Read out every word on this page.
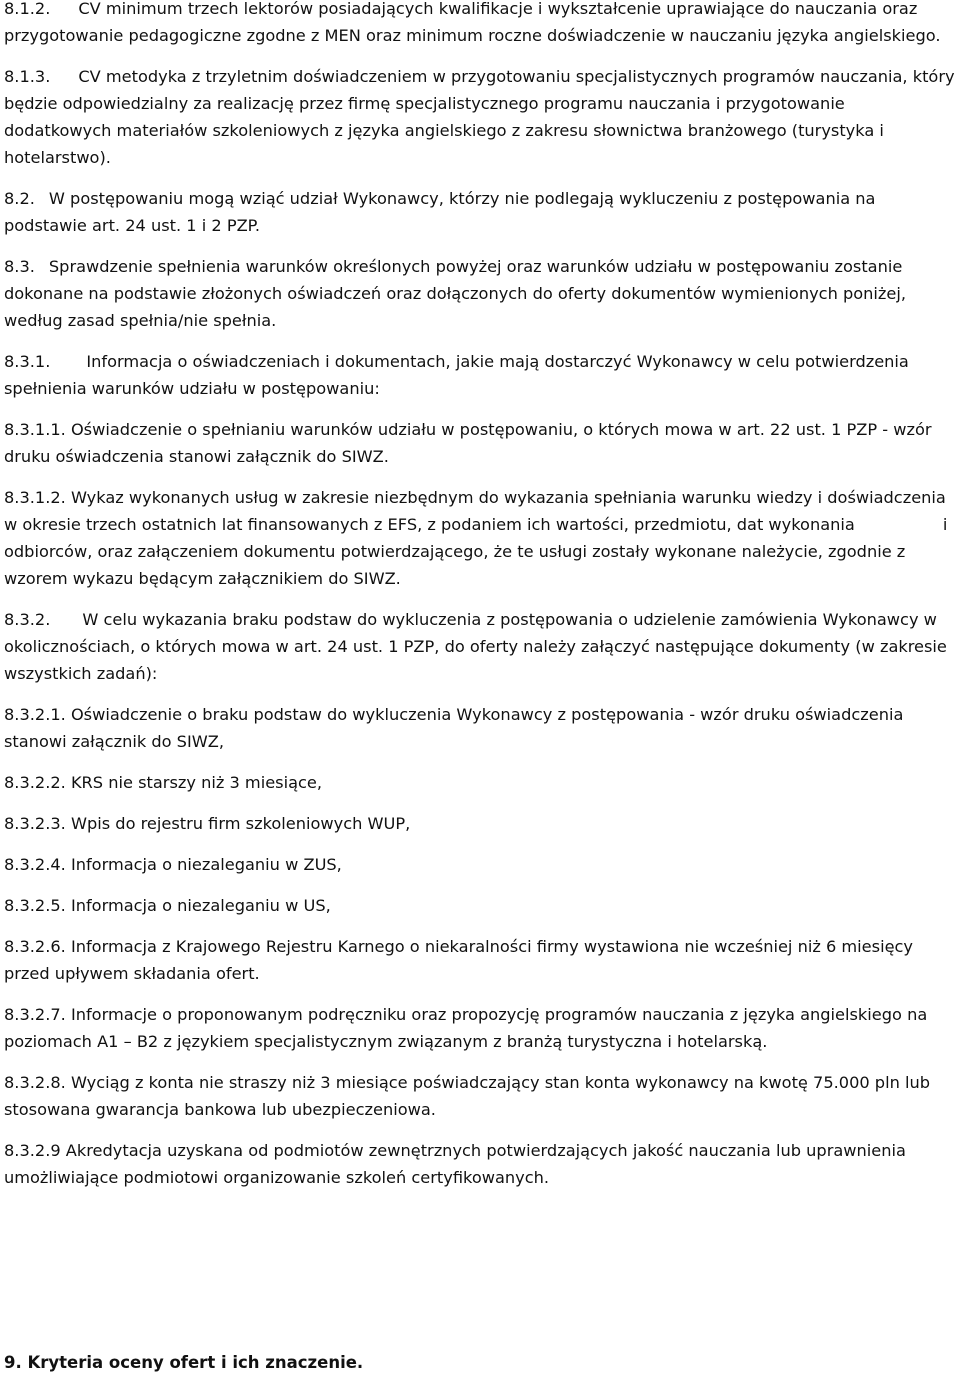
8.1.2. CV minimum trzech lektorów posiadających kwalifikacje i wykształcenie uprawiające do nauczania oraz przygotowanie pedagogiczne zgodne z MEN oraz minimum roczne doświadczenie w nauczaniu języka angielskiego.

8.1.3. CV metodyka z trzyletnim doświadczeniem w przygotowaniu specjalistycznych programów nauczania, który będzie odpowiedzialny za realizację przez firmę specjalistycznego programu nauczania i przygotowanie dodatkowych materiałów szkoleniowych z języka angielskiego z zakresu słownictwa branżowego (turystyka i hotelarstwo).

8.2. W postępowaniu mogą wziąć udział Wykonawcy, którzy nie podlegają wykluczeniu z postępowania na podstawie art. 24 ust. 1 i 2 PZP.

8.3. Sprawdzenie spełnienia warunków określonych powyżej oraz warunków udziału w postępowaniu zostanie dokonane na podstawie złożonych oświadczeń oraz dołączonych do oferty dokumentów wymienionych poniżej, według zasad spełnia/nie spełnia.

8.3.1. Informacja o oświadczeniach i dokumentach, jakie mają dostarczyć Wykonawcy w celu potwierdzenia spełnienia warunków udziału w postępowaniu:

8.3.1.1. Oświadczenie o spełnianiu warunków udziału w postępowaniu, o których mowa w art. 22 ust. 1 PZP - wzór druku oświadczenia stanowi załącznik do SIWZ.

8.3.1.2. Wykaz wykonanych usług w zakresie niezbędnym do wykazania spełniania warunku wiedzy i doświadczenia w okresie trzech ostatnich lat finansowanych z EFS, z podaniem ich wartości, przedmiotu, dat wykonania	i odbiorców, oraz załączeniem dokumentu potwierdzającego, że te usługi zostały wykonane należycie, zgodnie z wzorem wykazu będącym załącznikiem do SIWZ.

8.3.2. W celu wykazania braku podstaw do wykluczenia z postępowania o udzielenie zamówienia Wykonawcy w okolicznościach, o których mowa w art. 24 ust. 1 PZP, do oferty należy załączyć następujące dokumenty (w zakresie wszystkich zadań):

8.3.2.1. Oświadczenie o braku podstaw do wykluczenia Wykonawcy z postępowania - wzór druku oświadczenia stanowi załącznik do SIWZ,

8.3.2.2. KRS nie starszy niż 3 miesiące,

8.3.2.3. Wpis do rejestru firm szkoleniowych WUP,

8.3.2.4. Informacja o niezaleganiu w ZUS,

8.3.2.5. Informacja o niezaleganiu w US,

8.3.2.6. Informacja z Krajowego Rejestru Karnego o niekaralności firmy wystawiona nie wcześniej niż 6 miesięcy przed upływem składania ofert.

8.3.2.7. Informacje o proponowanym podręczniku oraz propozycję programów nauczania z języka angielskiego na poziomach A1 – B2 z językiem specjalistycznym związanym z branżą turystyczna i hotelarską.

8.3.2.8. Wyciąg z konta nie straszy niż 3 miesiące poświadczający stan konta wykonawcy na kwotę 75.000 pln lub stosowana gwarancja bankowa lub ubezpieczeniowa.

8.3.2.9 Akredytacja uzyskana od podmiotów zewnętrznych potwierdzających jakość nauczania lub uprawnienia umożliwiające podmiotowi organizowanie szkoleń certyfikowanych.

9. Kryteria oceny ofert i ich znaczenie.
